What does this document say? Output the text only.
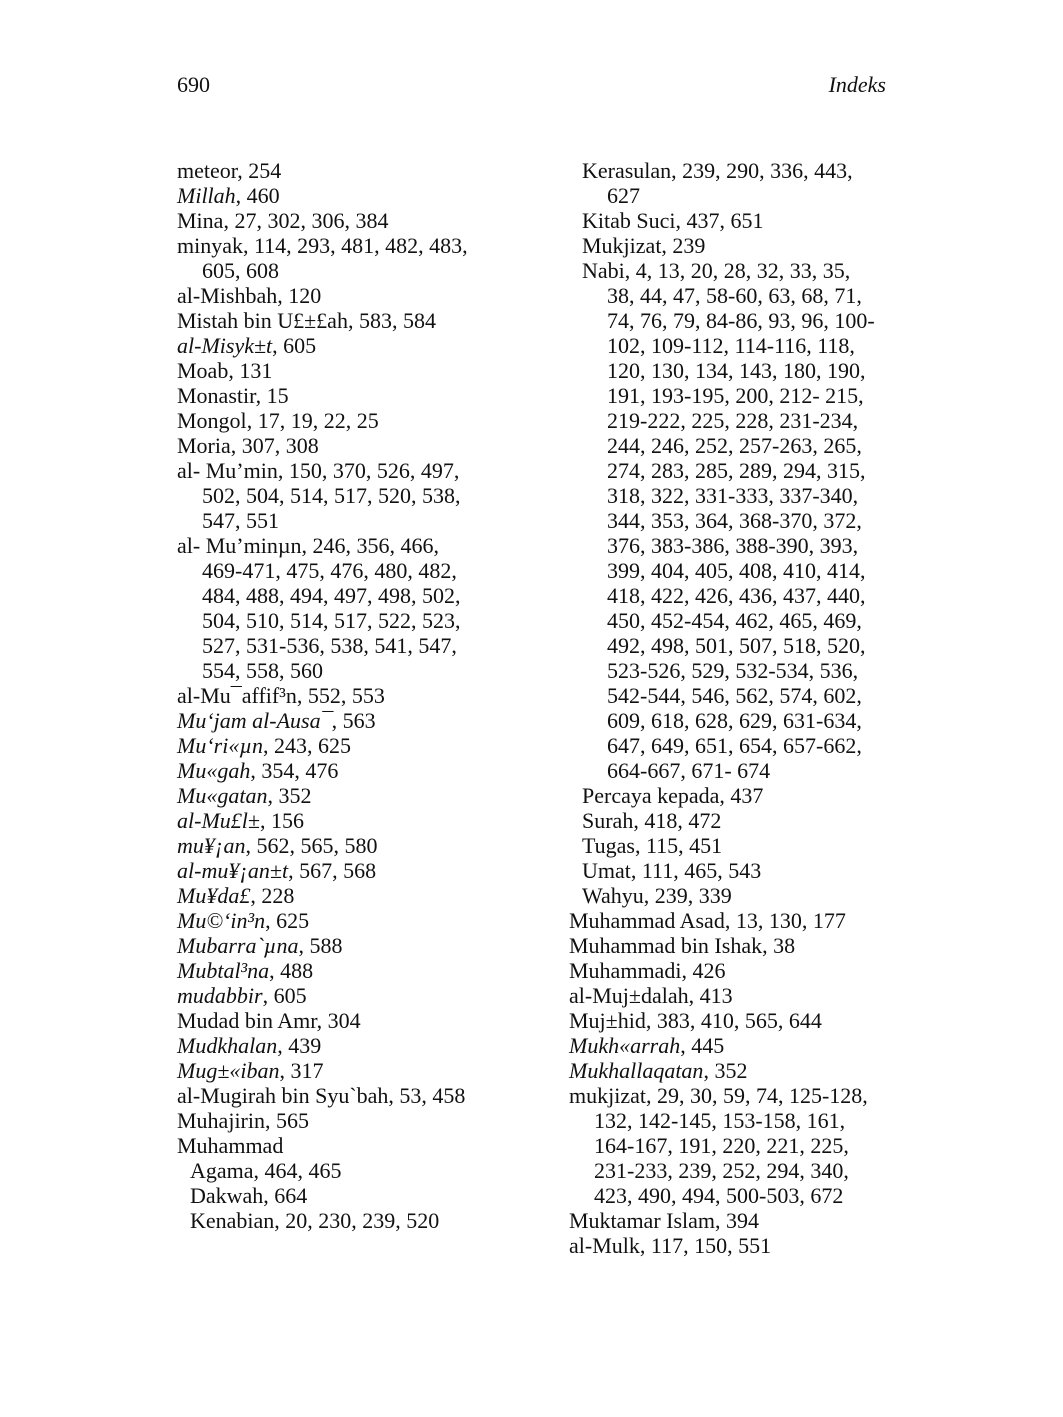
690	Indeks
meteor, 254
Millah, 460
Mina, 27, 302, 306, 384
minyak, 114, 293, 481, 482, 483,
605, 608
al-Mishbah, 120
Mistah bin U£±£ah, 583, 584
al-Misyk±t, 605
Moab, 131
Monastir, 15
Mongol, 17, 19, 22, 25
Moria, 307, 308
al- Mu’min, 150, 370, 526, 497,
502, 504, 514, 517, 520, 538,
547, 551
al- Mu’minµn, 246, 356, 466,
469-471, 475, 476, 480, 482,
484, 488, 494, 497, 498, 502,
504, 510, 514, 517, 522, 523,
527, 531-536, 538, 541, 547,
554, 558, 560
al-Mu¯affif³n, 552, 553
Mu‘jam al-Ausa¯, 563
Mu‘ri«µn, 243, 625
Mu«gah, 354, 476
Mu«gatan, 352
al-Mu£l±, 156
mu¥¡an, 562, 565, 580
al-mu¥¡an±t, 567, 568
Mu¥da£, 228
Mu©‘in³n, 625
Mubarra`µna, 588
Mubtal³na, 488
mudabbir, 605
Mudad bin Amr, 304
Mudkhalan, 439
Mug±«iban, 317
al-Mugirah bin Syu`bah, 53, 458
Muhajirin, 565
Muhammad
Agama, 464, 465
Dakwah, 664
Kenabian, 20, 230, 239, 520
Kerasulan, 239, 290, 336, 443,
627
Kitab Suci, 437, 651
Mukjizat, 239
Nabi, 4, 13, 20, 28, 32, 33, 35,
38, 44, 47, 58-60, 63, 68, 71,
74, 76, 79, 84-86, 93, 96, 100-
102, 109-112, 114-116, 118,
120, 130, 134, 143, 180, 190,
191, 193-195, 200, 212- 215,
219-222, 225, 228, 231-234,
244, 246, 252, 257-263, 265,
274, 283, 285, 289, 294, 315,
318, 322, 331-333, 337-340,
344, 353, 364, 368-370, 372,
376, 383-386, 388-390, 393,
399, 404, 405, 408, 410, 414,
418, 422, 426, 436, 437, 440,
450, 452-454, 462, 465, 469,
492, 498, 501, 507, 518, 520,
523-526, 529, 532-534, 536,
542-544, 546, 562, 574, 602,
609, 618, 628, 629, 631-634,
647, 649, 651, 654, 657-662,
664-667, 671- 674
Percaya kepada, 437
Surah, 418, 472
Tugas, 115, 451
Umat, 111, 465, 543
Wahyu, 239, 339
Muhammad Asad, 13, 130, 177
Muhammad bin Ishak, 38
Muhammadi, 426
al-Muj±dalah, 413
Muj±hid, 383, 410, 565, 644
Mukh«arrah, 445
Mukhallaqatan, 352
mukjizat, 29, 30, 59, 74, 125-128,
132, 142-145, 153-158, 161,
164-167, 191, 220, 221, 225,
231-233, 239, 252, 294, 340,
423, 490, 494, 500-503, 672
Muktamar Islam, 394
al-Mulk, 117, 150, 551
